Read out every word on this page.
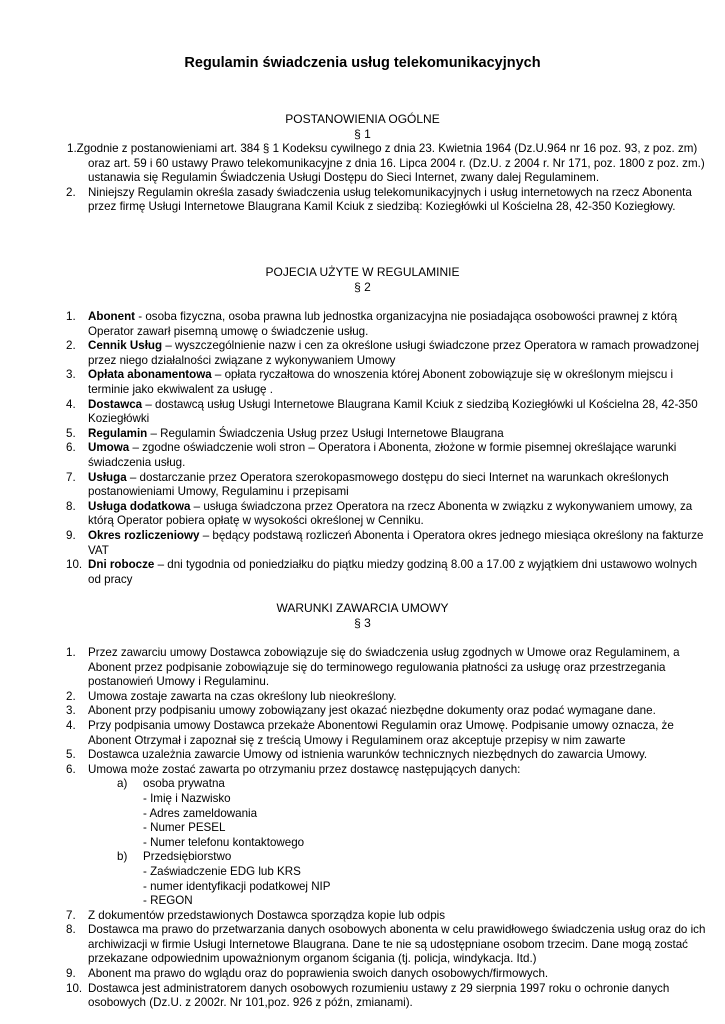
Regulamin świadczenia usług telekomunikacyjnych
POSTANOWIENIA OGÓLNE
§ 1
1.Zgodnie z postanowieniami art. 384 § 1 Kodeksu cywilnego z dnia 23. Kwietnia 1964 (Dz.U.964 nr 16 poz. 93, z poz. zm) oraz art. 59 i 60 ustawy Prawo telekomunikacyjne z dnia 16. Lipca 2004 r. (Dz.U. z 2004 r. Nr 171, poz. 1800 z poz. zm.) ustanawia się Regulamin Świadczenia Usługi Dostępu do Sieci Internet, zwany dalej Regulaminem.
2. Niniejszy Regulamin określa zasady świadczenia usług telekomunikacyjnych i usług internetowych na rzecz Abonenta przez firmę Usługi Internetowe Blaugrana Kamil Kciuk z siedzibą: Koziegłówki ul Kościelna 28, 42-350 Koziegłowy.
POJECIA UŻYTE W REGULAMINIE
§ 2
1. Abonent - osoba fizyczna, osoba prawna lub jednostka organizacyjna nie posiadająca osobowości prawnej z którą Operator zawarł pisemną umowę o świadczenie usług.
2. Cennik Usług – wyszczególnienie nazw i cen za określone usługi świadczone przez Operatora w ramach prowadzonej przez niego działalności związane z wykonywaniem Umowy
3. Opłata abonamentowa – opłata ryczałtowa do wnoszenia której Abonent zobowiązuje się w określonym miejscu i terminie jako ekwiwalent za usługę .
4. Dostawca – dostawcą usług Usługi Internetowe Blaugrana Kamil Kciuk z siedzibą Koziegłówki ul Kościelna 28, 42-350 Koziegłówki
5. Regulamin – Regulamin Świadczenia Usług przez Usługi Internetowe Blaugrana
6. Umowa – zgodne oświadczenie woli stron – Operatora i Abonenta, złożone w formie pisemnej określające warunki świadczenia usług.
7. Usługa – dostarczanie przez Operatora szerokopasmowego dostępu do sieci Internet na warunkach określonych postanowieniami Umowy, Regulaminu i przepisami
8. Usługa dodatkowa – usługa świadczona przez Operatora na rzecz Abonenta w związku z wykonywaniem umowy, za którą Operator pobiera opłatę w wysokości określonej w Cenniku.
9. Okres rozliczeniowy – będący podstawą rozliczeń Abonenta i Operatora okres jednego miesiąca określony na fakturze VAT
10. Dni robocze – dni tygodnia od poniedziałku do piątku miedzy godziną 8.00 a 17.00 z wyjątkiem dni ustawowo wolnych od pracy
WARUNKI ZAWARCIA UMOWY
§ 3
1. Przez zawarciu umowy Dostawca zobowiązuje się do świadczenia usług zgodnych w Umowe oraz Regulaminem, a Abonent przez podpisanie zobowiązuje się do terminowego regulowania płatności za usługę oraz przestrzegania postanowień Umowy i Regulaminu.
2. Umowa zostaje zawarta na czas określony lub nieokreślony.
3. Abonent przy podpisaniu umowy zobowiązany jest okazać niezbędne dokumenty oraz podać wymagane dane.
4. Przy podpisania umowy Dostawca przekaże Abonentowi Regulamin oraz Umowę. Podpisanie umowy oznacza, że Abonent Otrzymał i zapoznał się z treścią Umowy i Regulaminem oraz akceptuje przepisy w nim zawarte
5. Dostawca uzależnia zawarcie Umowy od istnienia warunków technicznych niezbędnych do zawarcia Umowy.
6. Umowa może zostać zawarta po otrzymaniu przez dostawcę następujących danych:
a) osoba prywatna
- Imię i Nazwisko
- Adres zameldowania
- Numer PESEL
- Numer telefonu kontaktowego
b) Przedsiębiorstwo
- Zaświadczenie EDG lub KRS
- numer identyfikacji podatkowej NIP
- REGON
7. Z dokumentów przedstawionych Dostawca sporządza kopie lub odpis
8. Dostawca ma prawo do przetwarzania danych osobowych abonenta w celu prawidłowego świadczenia usług oraz do ich archiwizacji w firmie Usługi Internetowe Blaugrana. Dane te nie są udostępniane osobom trzecim. Dane mogą zostać przekazane odpowiednim upoważnionym organom ścigania (tj. policja, windykacja. Itd.)
9. Abonent ma prawo do wglądu oraz do poprawienia swoich danych osobowych/firmowych.
10. Dostawca jest administratorem danych osobowych rozumieniu ustawy z 29 sierpnia 1997 roku o ochronie danych osobowych (Dz.U. z 2002r. Nr 101,poz. 926 z późn, zmianami).
